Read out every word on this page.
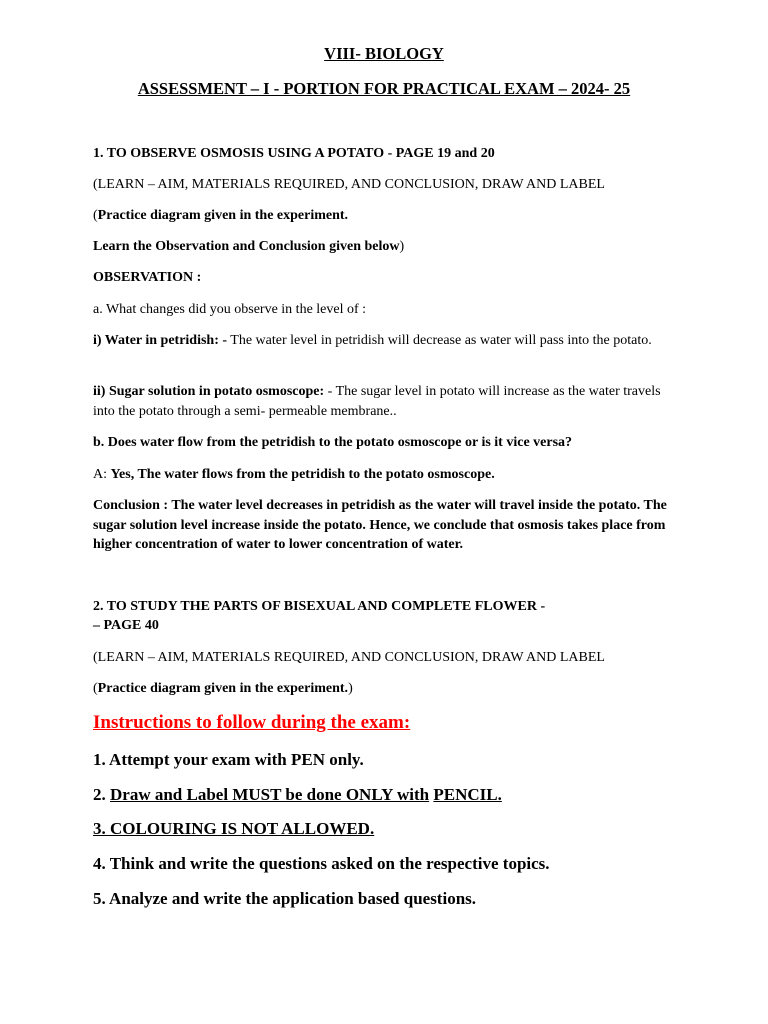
VIII- BIOLOGY
ASSESSMENT – I - PORTION FOR PRACTICAL EXAM – 2024- 25
1. TO OBSERVE OSMOSIS USING A POTATO - PAGE 19 and 20
(LEARN – AIM, MATERIALS REQUIRED, AND CONCLUSION, DRAW AND LABEL
(Practice diagram given in the experiment.
Learn the Observation and Conclusion given below)
OBSERVATION :
a. What changes did you observe in the level of :
i) Water in petridish: - The water level in petridish will decrease as water will pass into the potato.
ii) Sugar solution in potato osmoscope: - The sugar level in potato will increase as the water travels into the potato through a semi- permeable membrane..
b. Does water flow from the petridish to the potato osmoscope or is it vice versa?
A: Yes, The water flows from the petridish to the potato osmoscope.
Conclusion : The water level decreases in petridish as the water will travel inside the potato. The sugar solution level increase inside the potato. Hence, we conclude that osmosis takes place from higher concentration of water to lower concentration of water.
2. TO STUDY THE PARTS OF BISEXUAL AND COMPLETE FLOWER -
– PAGE 40
(LEARN – AIM, MATERIALS REQUIRED, AND CONCLUSION, DRAW AND LABEL
(Practice diagram given in the experiment.)
Instructions to follow during the exam:
1. Attempt your exam with PEN only.
2. Draw and Label MUST be done ONLY with PENCIL.
3. COLOURING IS NOT ALLOWED.
4. Think and write the questions asked on the respective topics.
5. Analyze and write the application based questions.
